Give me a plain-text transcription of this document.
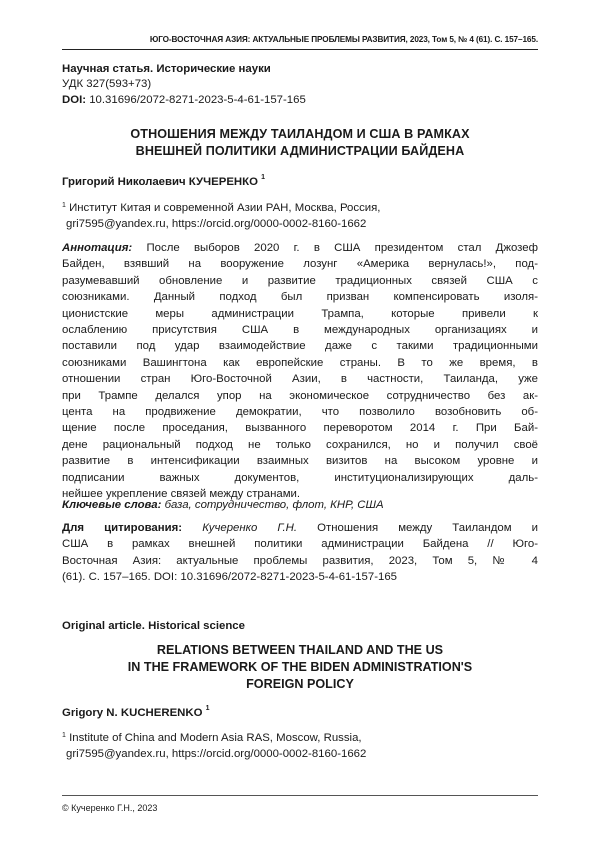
ЮГО-ВОСТОЧНАЯ АЗИЯ: АКТУАЛЬНЫЕ ПРОБЛЕМЫ РАЗВИТИЯ, 2023, Том 5, № 4 (61). С. 157–165.
Научная статья. Исторические науки
УДК 327(593+73)
DOI: 10.31696/2072-8271-2023-5-4-61-157-165
ОТНОШЕНИЯ МЕЖДУ ТАИЛАНДОМ И США В РАМКАХ
ВНЕШНЕЙ ПОЛИТИКИ АДМИНИСТРАЦИИ БАЙДЕНА
Григорий Николаевич КУЧЕРЕНКО $^1$
$^1$ Институт Китая и современной Азии РАН, Москва, Россия,
gri7595@yandex.ru, https://orcid.org/0000-0002-8160-1662
Аннотация: После выборов 2020 г. в США президентом стал Джозеф
Байден, взявший на вооружение лозунг «Америка вернулась!», под-
разумевавший обновление и развитие традиционных связей США с
союзниками. Данный подход был призван компенсировать изоля-
ционистские меры администрации Трампа, которые привели к
ослаблению присутствия США в международных организациях и
поставили под удар взаимодействие даже с такими традиционными
союзниками Вашингтона как европейские страны. В то же время, в
отношении стран Юго-Восточной Азии, в частности, Таиланда, уже
при Трампе делался упор на экономическое сотрудничество без ак-
цента на продвижение демократии, что позволило возобновить об-
щение после проседания, вызванного переворотом 2014 г. При Бай-
дене рациональный подход не только сохранился, но и получил своё
развитие в интенсификации взаимных визитов на высоком уровне и
подписании важных документов, институционализирующих даль-
нейшее укрепление связей между странами.
Ключевые слова: база, сотрудничество, флот, КНР, США
Для цитирования: Кучеренко Г.Н. Отношения между Таиландом и
США в рамках внешней политики администрации Байдена // Юго-
Восточная Азия: актуальные проблемы развития, 2023, Том 5, № 4
(61). С. 157–165. DOI: 10.31696/2072-8271-2023-5-4-61-157-165
Original article. Historical science
RELATIONS BETWEEN THAILAND AND THE US
IN THE FRAMEWORK OF THE BIDEN ADMINISTRATION'S
FOREIGN POLICY
Grigory N. KUCHERENKO $^1$
$^1$ Institute of China and Modern Asia RAS, Moscow, Russia,
gri7595@yandex.ru, https://orcid.org/0000-0002-8160-1662
© Кучеренко Г.Н., 2023
